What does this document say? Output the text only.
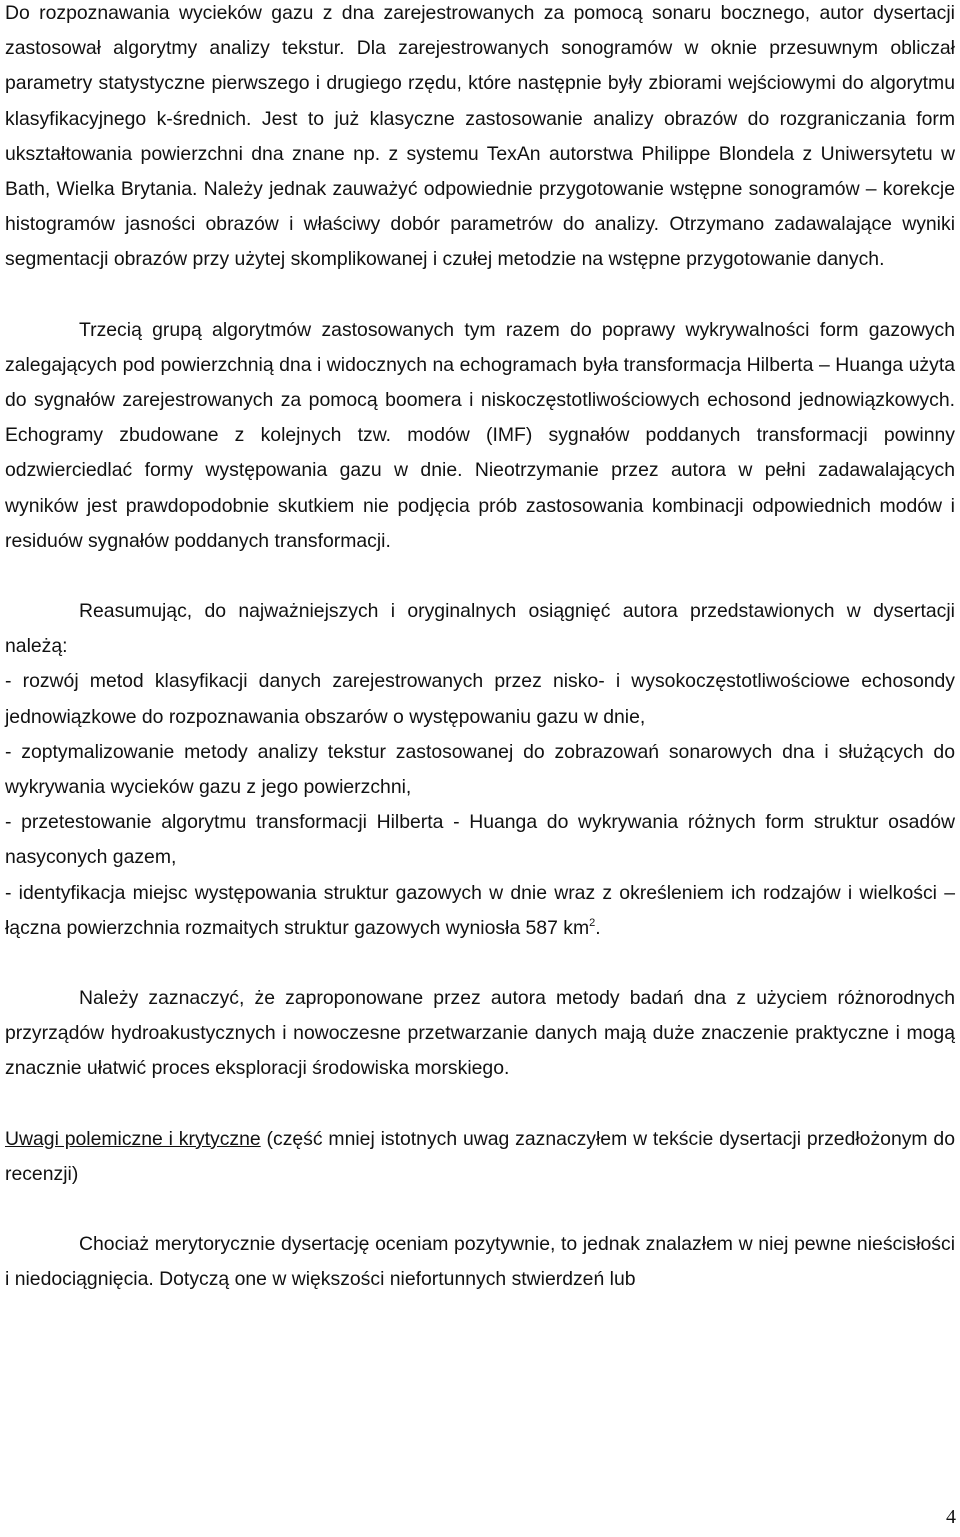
Do rozpoznawania wycieków gazu z dna zarejestrowanych za pomocą sonaru bocznego, autor dysertacji zastosował algorytmy analizy tekstur. Dla zarejestrowanych sonogramów w oknie przesuwnym obliczał parametry statystyczne pierwszego i drugiego rzędu, które następnie były zbiorami wejściowymi do algorytmu klasyfikacyjnego k-średnich. Jest to już klasyczne zastosowanie analizy obrazów do rozgraniczania form ukształtowania powierzchni dna znane np. z systemu TexAn autorstwa Philippe Blondela z Uniwersytetu w Bath, Wielka Brytania. Należy jednak zauważyć odpowiednie przygotowanie wstępne sonogramów – korekcje histogramów jasności obrazów i właściwy dobór parametrów do analizy. Otrzymano zadawalające wyniki segmentacji obrazów przy użytej skomplikowanej i czułej metodzie na wstępne przygotowanie danych.

Trzecią grupą algorytmów zastosowanych tym razem do poprawy wykrywalności form gazowych zalegających pod powierzchnią dna i widocznych na echogramach była transformacja Hilberta – Huanga użyta do sygnałów zarejestrowanych za pomocą boomera i niskoczęstotliwościowych echosond jednowiązkowych. Echogramy zbudowane z kolejnych tzw. modów (IMF) sygnałów poddanych transformacji powinny odzwierciedlać formy występowania gazu w dnie. Nieotrzymanie przez autora w pełni zadawalających wyników jest prawdopodobnie skutkiem nie podjęcia prób zastosowania kombinacji odpowiednich modów i residuów sygnałów poddanych transformacji.

Reasumując, do najważniejszych i oryginalnych osiągnięć autora przedstawionych w dysertacji należą:

- rozwój metod klasyfikacji danych zarejestrowanych przez nisko- i wysokoczęstotliwościowe echosondy jednowiązkowe do rozpoznawania obszarów o występowaniu gazu w dnie,

- zoptymalizowanie metody analizy tekstur zastosowanej do zobrazowań sonarowych dna i służących do wykrywania wycieków gazu z jego powierzchni,

- przetestowanie algorytmu transformacji Hilberta - Huanga do wykrywania różnych form struktur osadów nasyconych gazem,

- identyfikacja miejsc występowania struktur gazowych w dnie wraz z określeniem ich rodzajów i wielkości – łączna powierzchnia rozmaitych struktur gazowych wyniosła 587 $km^2$.

Należy zaznaczyć, że zaproponowane przez autora metody badań dna z użyciem różnorodnych przyrządów hydroakustycznych i nowoczesne przetwarzanie danych mają duże znaczenie praktyczne i mogą znacznie ułatwić proces eksploracji środowiska morskiego.

Uwagi polemiczne i krytyczne (część mniej istotnych uwag zaznaczyłem w tekście dysertacji przedłożonym do recenzji)

Chociaż merytorycznie dysertację oceniam pozytywnie, to jednak znalazłem w niej pewne nieścisłości i niedociągnięcia. Dotyczą one w większości niefortunnych stwierdzeń lub

4
